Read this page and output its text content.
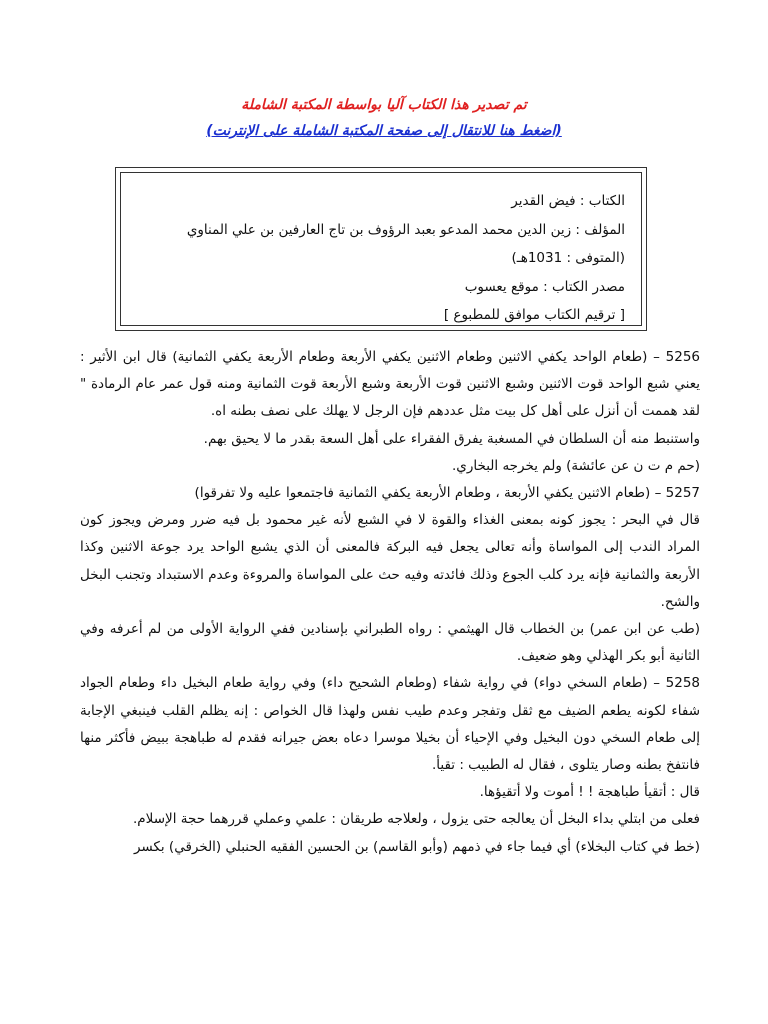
تم تصدير هذا الكتاب آليا بواسطة المكتبة الشاملة

(اضغط هنا للانتقال إلى صفحة المكتبة الشاملة على الإنترنت)
الكتاب : فيض القدير
المؤلف : زين الدين محمد المدعو بعبد الرؤوف بن تاج العارفين بن علي المناوي
(المتوفى : 1031هـ)
مصدر الكتاب : موقع يعسوب
[ ترقيم الكتاب موافق للمطبوع ]

5256 – (طعام الواحد يكفي الاثنين وطعام الاثنين يكفي الأربعة وطعام الأربعة يكفي الثمانية) قال ابن الأثير : يعني شبع الواحد قوت الاثنين وشبع الاثنين قوت الأربعة وشبع الأربعة قوت الثمانية ومنه قول عمر عام الرمادة " لقد هممت أن أنزل على أهل كل بيت مثل عددهم فإن الرجل لا يهلك على نصف بطنه اه.

واستنبط منه أن السلطان في المسغبة يفرق الفقراء على أهل السعة بقدر ما لا يحيق بهم.

(حم م ت ن عن عائشة) ولم يخرجه البخاري.

5257 – (طعام الاثنين يكفي الأربعة ، وطعام الأربعة يكفي الثمانية فاجتمعوا عليه ولا تفرقوا)

قال في البحر : يجوز كونه بمعنى الغذاء والقوة لا في الشبع لأنه غير محمود بل فيه ضرر ومرض ويجوز كون المراد الندب إلى المواساة وأنه تعالى يجعل فيه البركة فالمعنى أن الذي يشبع الواحد يرد جوعة الاثنين وكذا الأربعة والثمانية فإنه يرد كلب الجوع وذلك فائدته وفيه حث على المواساة والمروءة وعدم الاستبداد وتجنب البخل والشح.

(طب عن ابن عمر) بن الخطاب قال الهيثمي : رواه الطبراني بإسنادين ففي الرواية الأولى من لم أعرفه وفي الثانية أبو بكر الهذلي وهو ضعيف.

5258 – (طعام السخي دواء) في رواية شفاء (وطعام الشحيح داء) وفي رواية طعام البخيل داء وطعام الجواد شفاء لكونه يطعم الضيف مع ثقل وتفجر وعدم طيب نفس ولهذا قال الخواص : إنه يظلم القلب فينبغي الإجابة إلى طعام السخي دون البخيل وفي الإحياء أن بخيلا موسرا دعاه بعض جيرانه فقدم له طباهجة ببيض فأكثر منها فانتفخ بطنه وصار يتلوى ، فقال له الطبيب : تقيأ.

قال : أتقيأ طباهجة ! ! أموت ولا أتقيؤها.

فعلى من ابتلي بداء البخل أن يعالجه حتى يزول ، ولعلاجه طريقان : علمي وعملي قررهما حجة الإسلام.

(خط في كتاب البخلاء) أي فيما جاء في ذمهم (وأبو القاسم) بن الحسين الفقيه الحنبلي (الخرقي) بكسر
